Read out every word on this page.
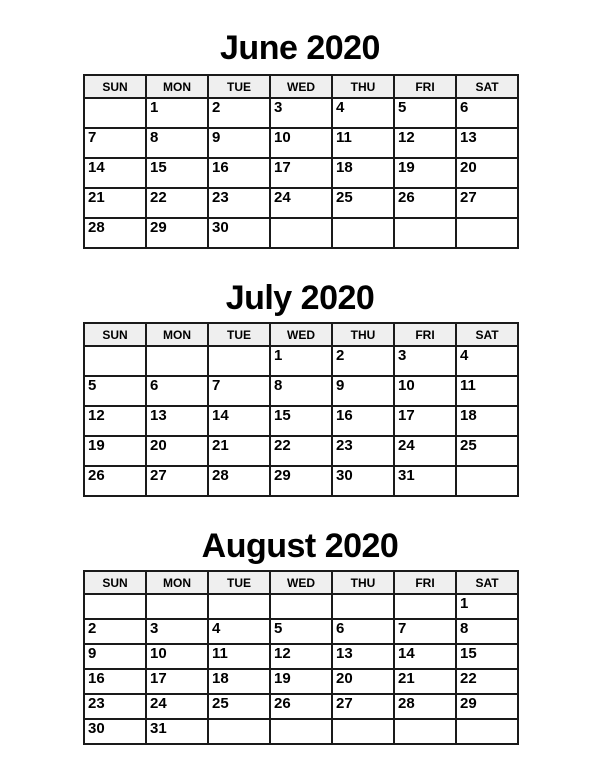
June 2020
SUN	MON	TUE	WED	THU	FRI	SAT
	1	2	3	4	5	6
7	8	9	10	11	12	13
14	15	16	17	18	19	20
21	22	23	24	25	26	27
28	29	30				
July 2020
SUN	MON	TUE	WED	THU	FRI	SAT
			1	2	3	4
5	6	7	8	9	10	11
12	13	14	15	16	17	18
19	20	21	22	23	24	25
26	27	28	29	30	31	
August 2020
SUN	MON	TUE	WED	THU	FRI	SAT
						1
2	3	4	5	6	7	8
9	10	11	12	13	14	15
16	17	18	19	20	21	22
23	24	25	26	27	28	29
30	31					
